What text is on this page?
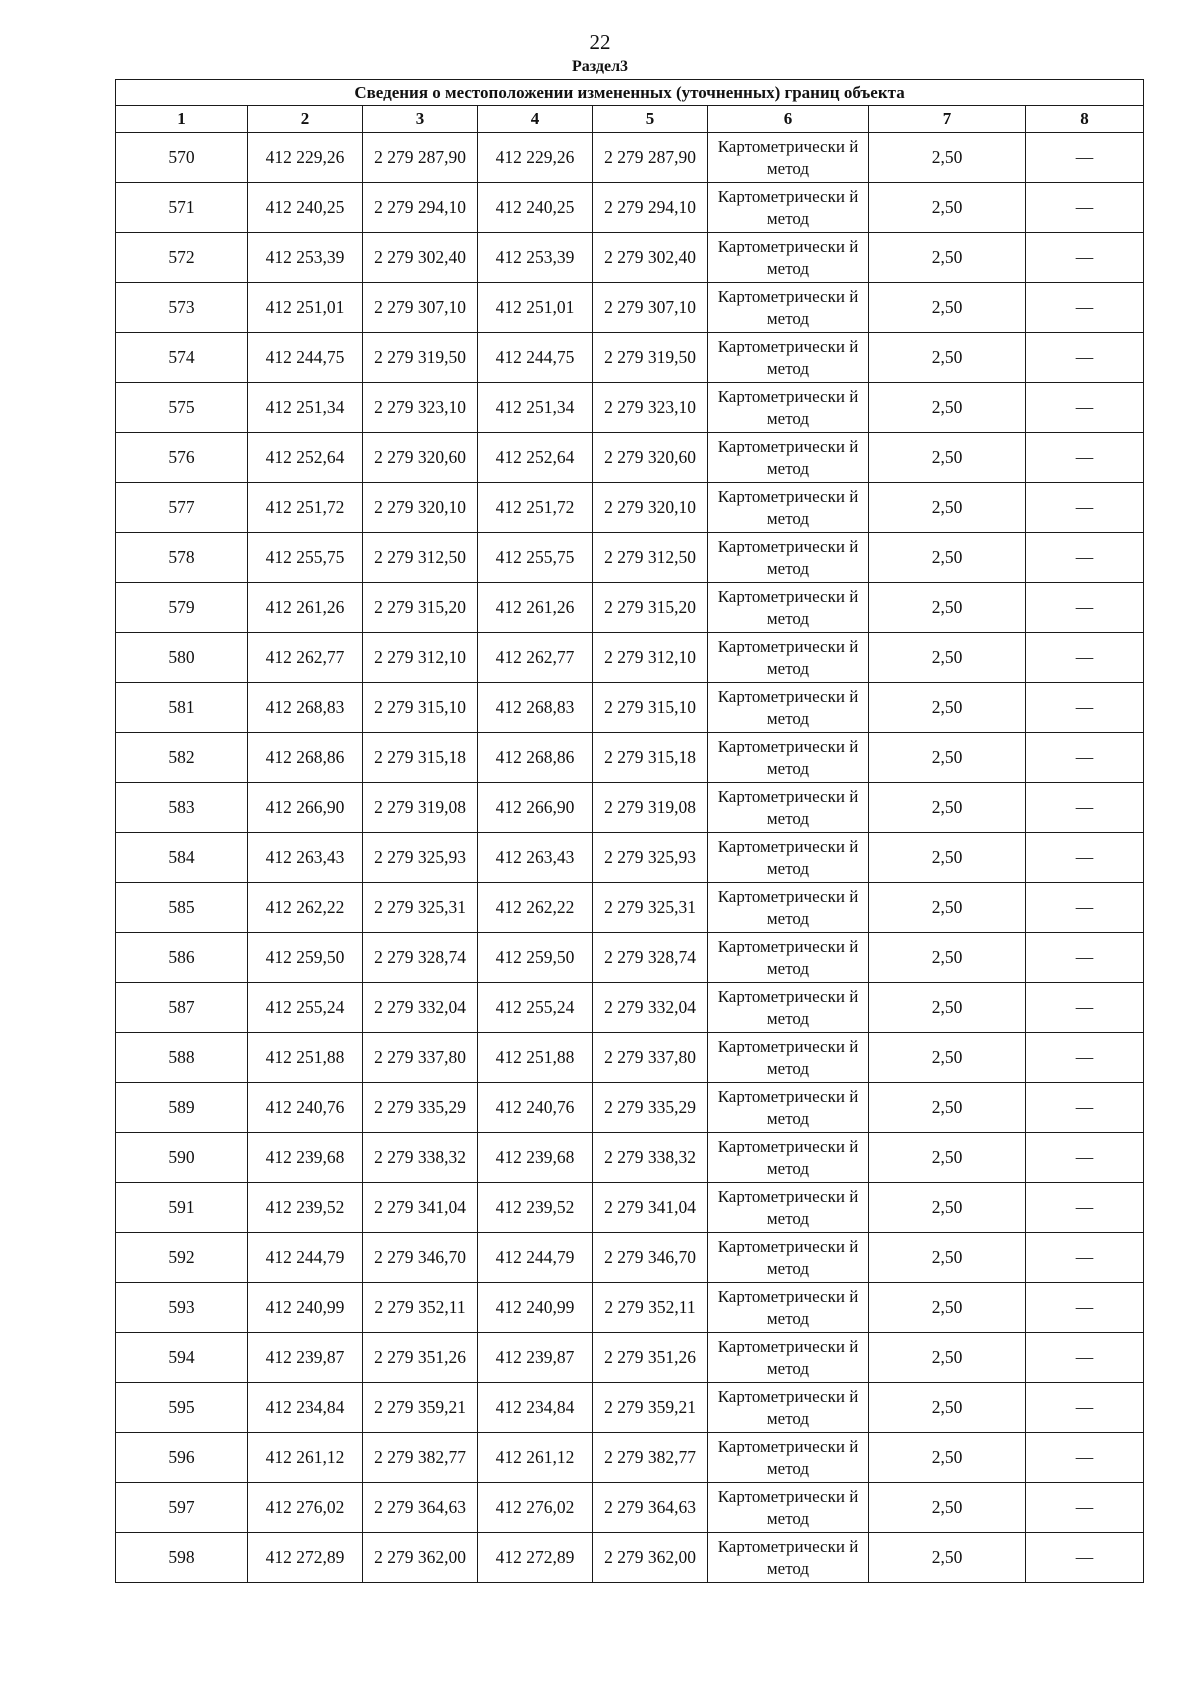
22
Раздел3
Сведения о местоположении измененных (уточненных) границ объекта							
1	2	3	4	5	6	7	8
570	412 229,26	2 279 287,90	412 229,26	2 279 287,90	Картометрически й метод	2,50	—
571	412 240,25	2 279 294,10	412 240,25	2 279 294,10	Картометрически й метод	2,50	—
572	412 253,39	2 279 302,40	412 253,39	2 279 302,40	Картометрически й метод	2,50	—
573	412 251,01	2 279 307,10	412 251,01	2 279 307,10	Картометрически й метод	2,50	—
574	412 244,75	2 279 319,50	412 244,75	2 279 319,50	Картометрически й метод	2,50	—
575	412 251,34	2 279 323,10	412 251,34	2 279 323,10	Картометрически й метод	2,50	—
576	412 252,64	2 279 320,60	412 252,64	2 279 320,60	Картометрически й метод	2,50	—
577	412 251,72	2 279 320,10	412 251,72	2 279 320,10	Картометрически й метод	2,50	—
578	412 255,75	2 279 312,50	412 255,75	2 279 312,50	Картометрически й метод	2,50	—
579	412 261,26	2 279 315,20	412 261,26	2 279 315,20	Картометрически й метод	2,50	—
580	412 262,77	2 279 312,10	412 262,77	2 279 312,10	Картометрически й метод	2,50	—
581	412 268,83	2 279 315,10	412 268,83	2 279 315,10	Картометрически й метод	2,50	—
582	412 268,86	2 279 315,18	412 268,86	2 279 315,18	Картометрически й метод	2,50	—
583	412 266,90	2 279 319,08	412 266,90	2 279 319,08	Картометрически й метод	2,50	—
584	412 263,43	2 279 325,93	412 263,43	2 279 325,93	Картометрически й метод	2,50	—
585	412 262,22	2 279 325,31	412 262,22	2 279 325,31	Картометрически й метод	2,50	—
586	412 259,50	2 279 328,74	412 259,50	2 279 328,74	Картометрически й метод	2,50	—
587	412 255,24	2 279 332,04	412 255,24	2 279 332,04	Картометрически й метод	2,50	—
588	412 251,88	2 279 337,80	412 251,88	2 279 337,80	Картометрически й метод	2,50	—
589	412 240,76	2 279 335,29	412 240,76	2 279 335,29	Картометрически й метод	2,50	—
590	412 239,68	2 279 338,32	412 239,68	2 279 338,32	Картометрически й метод	2,50	—
591	412 239,52	2 279 341,04	412 239,52	2 279 341,04	Картометрически й метод	2,50	—
592	412 244,79	2 279 346,70	412 244,79	2 279 346,70	Картометрически й метод	2,50	—
593	412 240,99	2 279 352,11	412 240,99	2 279 352,11	Картометрически й метод	2,50	—
594	412 239,87	2 279 351,26	412 239,87	2 279 351,26	Картометрически й метод	2,50	—
595	412 234,84	2 279 359,21	412 234,84	2 279 359,21	Картометрически й метод	2,50	—
596	412 261,12	2 279 382,77	412 261,12	2 279 382,77	Картометрически й метод	2,50	—
597	412 276,02	2 279 364,63	412 276,02	2 279 364,63	Картометрически й метод	2,50	—
598	412 272,89	2 279 362,00	412 272,89	2 279 362,00	Картометрически й метод	2,50	—
